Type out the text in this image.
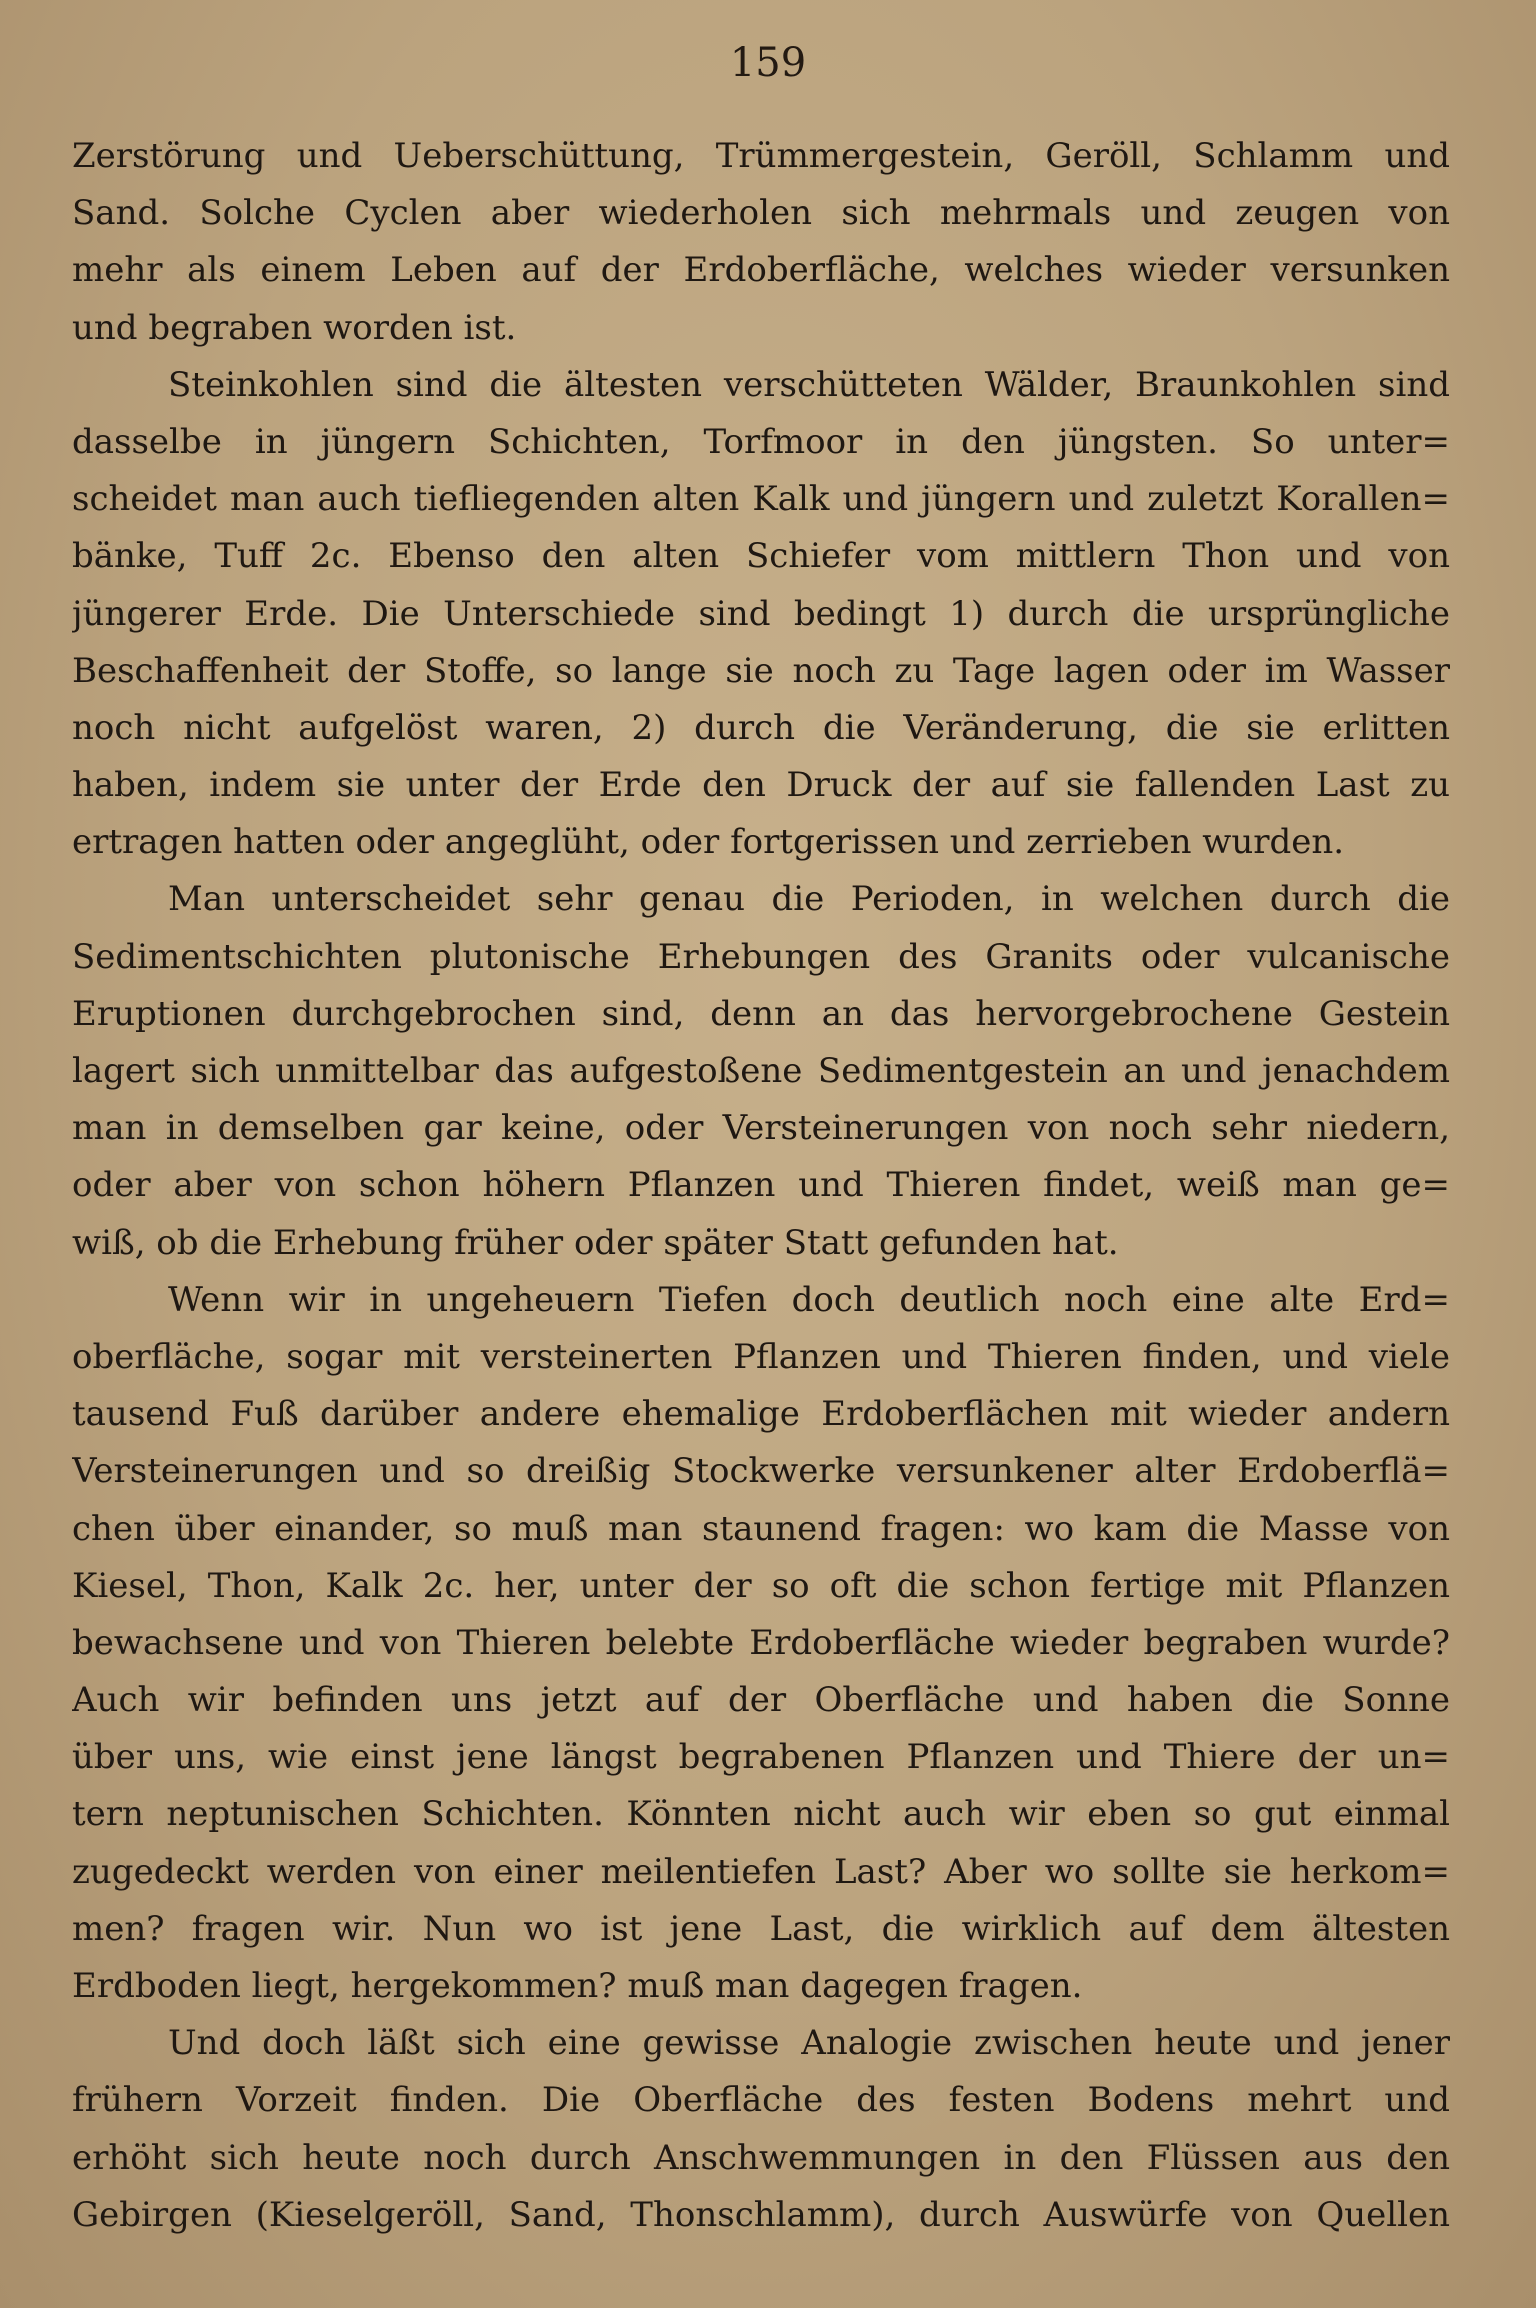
159
Zerstörung und Ueberschüttung, Trümmergestein, Geröll, Schlamm und
Sand. Solche Cyclen aber wiederholen sich mehrmals und zeugen von
mehr als einem Leben auf der Erdoberfläche, welches wieder versunken
und begraben worden ist.
Steinkohlen sind die ältesten verschütteten Wälder, Braunkohlen sind
dasselbe in jüngern Schichten, Torfmoor in den jüngsten. So unter=
scheidet man auch tiefliegenden alten Kalk und jüngern und zuletzt Korallen=
bänke, Tuff 2c. Ebenso den alten Schiefer vom mittlern Thon und von
jüngerer Erde. Die Unterschiede sind bedingt 1) durch die ursprüngliche
Beschaffenheit der Stoffe, so lange sie noch zu Tage lagen oder im Wasser
noch nicht aufgelöst waren, 2) durch die Veränderung, die sie erlitten
haben, indem sie unter der Erde den Druck der auf sie fallenden Last zu
ertragen hatten oder angeglüht, oder fortgerissen und zerrieben wurden.
Man unterscheidet sehr genau die Perioden, in welchen durch die
Sedimentschichten plutonische Erhebungen des Granits oder vulcanische
Eruptionen durchgebrochen sind, denn an das hervorgebrochene Gestein
lagert sich unmittelbar das aufgestoßene Sedimentgestein an und jenachdem
man in demselben gar keine, oder Versteinerungen von noch sehr niedern,
oder aber von schon höhern Pflanzen und Thieren findet, weiß man ge=
wiß, ob die Erhebung früher oder später Statt gefunden hat.
Wenn wir in ungeheuern Tiefen doch deutlich noch eine alte Erd=
oberfläche, sogar mit versteinerten Pflanzen und Thieren finden, und viele
tausend Fuß darüber andere ehemalige Erdoberflächen mit wieder andern
Versteinerungen und so dreißig Stockwerke versunkener alter Erdoberflä=
chen über einander, so muß man staunend fragen: wo kam die Masse von
Kiesel, Thon, Kalk 2c. her, unter der so oft die schon fertige mit Pflanzen
bewachsene und von Thieren belebte Erdoberfläche wieder begraben wurde?
Auch wir befinden uns jetzt auf der Oberfläche und haben die Sonne
über uns, wie einst jene längst begrabenen Pflanzen und Thiere der un=
tern neptunischen Schichten. Könnten nicht auch wir eben so gut einmal
zugedeckt werden von einer meilentiefen Last? Aber wo sollte sie herkom=
men? fragen wir. Nun wo ist jene Last, die wirklich auf dem ältesten
Erdboden liegt, hergekommen? muß man dagegen fragen.
Und doch läßt sich eine gewisse Analogie zwischen heute und jener
frühern Vorzeit finden. Die Oberfläche des festen Bodens mehrt und
erhöht sich heute noch durch Anschwemmungen in den Flüssen aus den
Gebirgen (Kieselgeröll, Sand, Thonschlamm), durch Auswürfe von Quellen
